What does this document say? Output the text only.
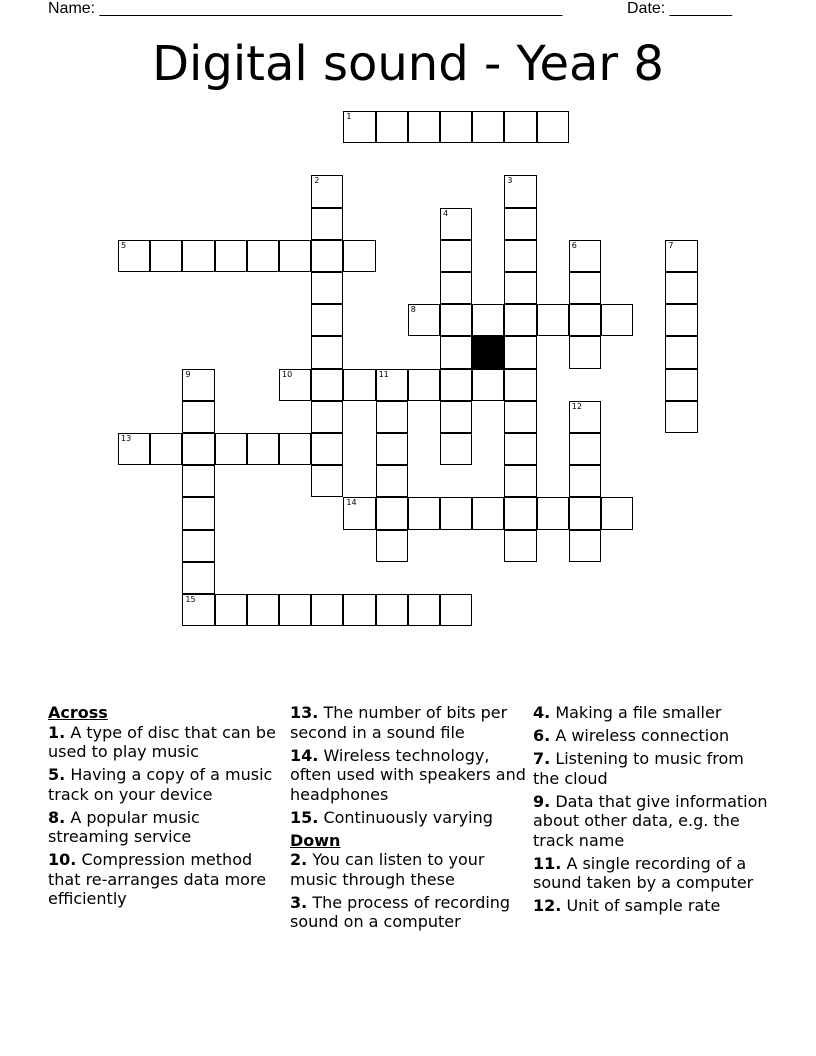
Name: ____________________________________________________	Date: _______
Digital sound - Year 8
1
2	3
4
5	6	7
8
9	10	11
12
13
14
15
Across
1. A type of disc that can be used to play music
5. Having a copy of a music track on your device
8. A popular music streaming service
10. Compression method that re-arranges data more efficiently
13. The number of bits per second in a sound file
14. Wireless technology, often used with speakers and headphones
15. Continuously varying
Down
2. You can listen to your music through these
3. The process of recording sound on a computer
4. Making a file smaller
6. A wireless connection
7. Listening to music from the cloud
9. Data that give information about other data, e.g. the track name
11. A single recording of a sound taken by a computer
12. Unit of sample rate
